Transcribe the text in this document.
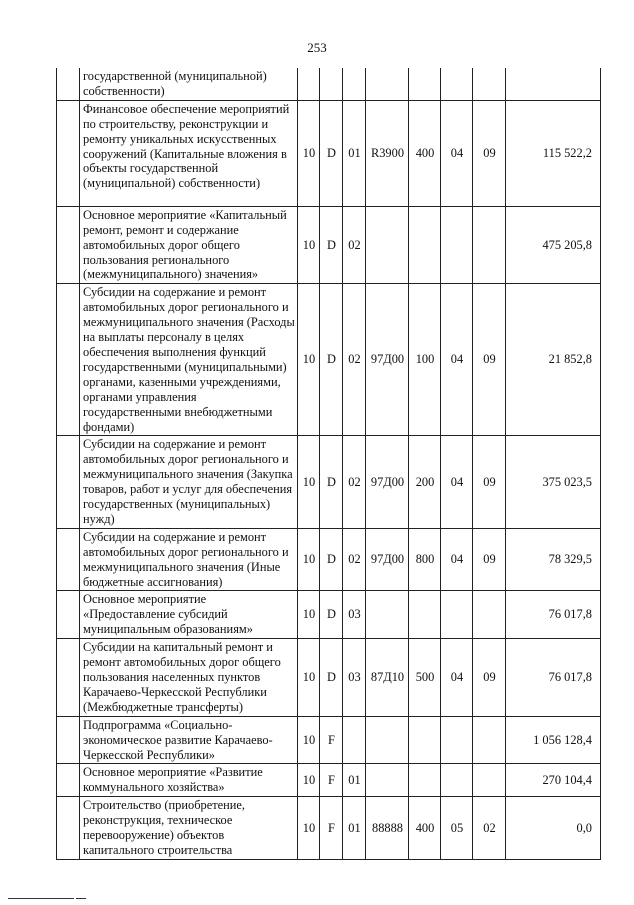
253
	государственной (муниципальной) собственности)								
	Финансовое обеспечение мероприятий по строительству, реконструкции и ремонту уникальных искусственных сооружений (Капитальные вложения в объекты государственной (муниципальной) собственности)	10	D	01	R3900	400	04	09	115 522,2
	Основное мероприятие «Капитальный ремонт, ремонт и содержание автомобильных дорог общего пользования регионального (межмуниципального) значения»	10	D	02					475 205,8
	Субсидии на содержание и ремонт автомобильных дорог регионального и межмуниципального значения (Расходы на выплаты персоналу в целях обеспечения выполнения функций государственными (муниципальными) органами, казенными учреждениями, органами управления государственными внебюджетными фондами)	10	D	02	97Д00	100	04	09	21 852,8
	Субсидии на содержание и ремонт автомобильных дорог регионального и межмуниципального значения (Закупка товаров, работ и услуг для обеспечения государственных (муниципальных) нужд)	10	D	02	97Д00	200	04	09	375 023,5
	Субсидии на содержание и ремонт автомобильных дорог регионального и межмуниципального значения (Иные бюджетные ассигнования)	10	D	02	97Д00	800	04	09	78 329,5
	Основное мероприятие «Предоставление субсидий муниципальным образованиям»	10	D	03					76 017,8
	Субсидии на капитальный ремонт и ремонт автомобильных дорог общего пользования населенных пунктов Карачаево-Черкесской Республики (Межбюджетные трансферты)	10	D	03	87Д10	500	04	09	76 017,8
	Подпрограмма «Социально-экономическое развитие Карачаево-Черкесской Республики»	10	F						1 056 128,4
	Основное мероприятие «Развитие коммунального хозяйства»	10	F	01					270 104,4
	Строительство (приобретение, реконструкция, техническое перевооружение) объектов капитального строительства	10	F	01	88888	400	05	02	0,0
